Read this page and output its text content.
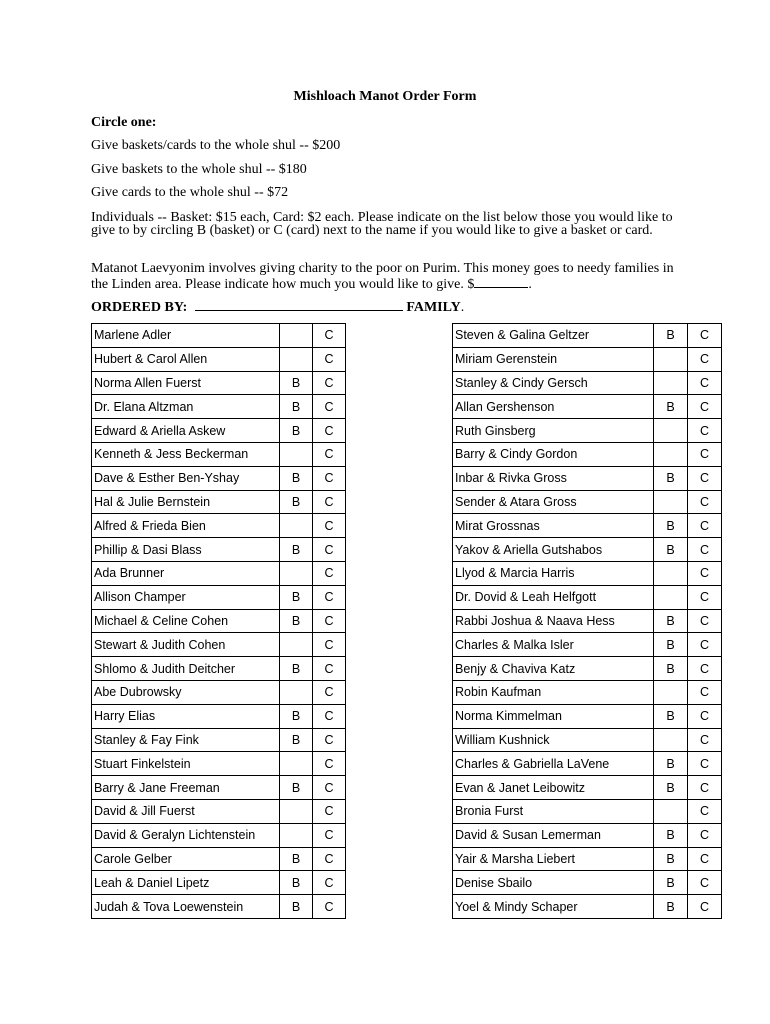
Mishloach Manot Order Form
Circle one:
Give baskets/cards to the whole shul -- $200
Give baskets to the whole shul -- $180
Give cards to the whole shul -- $72
Individuals -- Basket: $15 each, Card: $2 each. Please indicate on the list below those you would like to give to by circling B (basket) or C (card) next to the name if you would like to give a basket or card.
Matanot Laevyonim involves giving charity to the poor on Purim. This money goes to needy families in the Linden area. Please indicate how much you would like to give. $	.
ORDERED BY:	FAMILY.
Marlene Adler		C
Hubert & Carol Allen		C
Norma Allen Fuerst	B	C
Dr. Elana Altzman	B	C
Edward & Ariella Askew	B	C
Kenneth & Jess Beckerman		C
Dave & Esther Ben-Yshay	B	C
Hal & Julie Bernstein	B	C
Alfred & Frieda Bien		C
Phillip & Dasi Blass	B	C
Ada Brunner		C
Allison Champer	B	C
Michael & Celine Cohen	B	C
Stewart & Judith Cohen		C
Shlomo & Judith Deitcher	B	C
Abe Dubrowsky		C
Harry Elias	B	C
Stanley & Fay Fink	B	C
Stuart Finkelstein		C
Barry & Jane Freeman	B	C
David & Jill Fuerst		C
David & Geralyn Lichtenstein		C
Carole Gelber	B	C
Leah & Daniel Lipetz	B	C
Judah & Tova Loewenstein	B	C
Steven & Galina Geltzer	B	C
Miriam Gerenstein		C
Stanley & Cindy Gersch		C
Allan Gershenson	B	C
Ruth Ginsberg		C
Barry & Cindy Gordon		C
Inbar & Rivka Gross	B	C
Sender & Atara Gross		C
Mirat Grossnas	B	C
Yakov & Ariella Gutshabos	B	C
Llyod & Marcia Harris		C
Dr. Dovid & Leah Helfgott		C
Rabbi Joshua & Naava Hess	B	C
Charles & Malka Isler	B	C
Benjy & Chaviva Katz	B	C
Robin Kaufman		C
Norma Kimmelman	B	C
William Kushnick		C
Charles & Gabriella LaVene	B	C
Evan & Janet Leibowitz	B	C
Bronia Furst		C
David & Susan Lemerman	B	C
Yair & Marsha Liebert	B	C
Denise Sbailo	B	C
Yoel & Mindy Schaper	B	C
